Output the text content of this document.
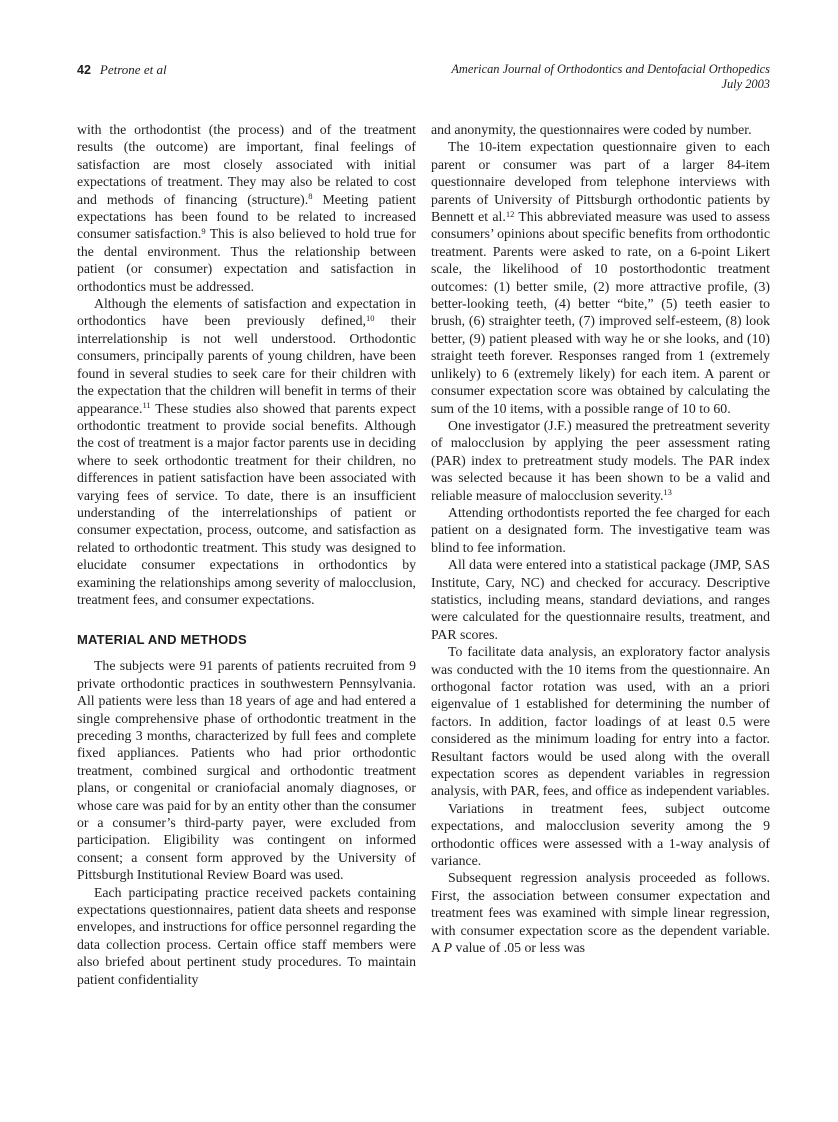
42 Petrone et al	American Journal of Orthodontics and Dentofacial Orthopedics
July 2003

with the orthodontist (the process) and of the treatment results (the outcome) are important, final feelings of satisfaction are most closely associated with initial expectations of treatment. They may also be related to cost and methods of financing (structure).$^8$ Meeting patient expectations has been found to be related to increased consumer satisfaction.$^9$ This is also believed to hold true for the dental environment. Thus the relationship between patient (or consumer) expectation and satisfaction in orthodontics must be addressed.

Although the elements of satisfaction and expectation in orthodontics have been previously defined,$^{10}$ their interrelationship is not well understood. Orthodontic consumers, principally parents of young children, have been found in several studies to seek care for their children with the expectation that the children will benefit in terms of their appearance.$^{11}$ These studies also showed that parents expect orthodontic treatment to provide social benefits. Although the cost of treatment is a major factor parents use in deciding where to seek orthodontic treatment for their children, no differences in patient satisfaction have been associated with varying fees of service. To date, there is an insufficient understanding of the interrelationships of patient or consumer expectation, process, outcome, and satisfaction as related to orthodontic treatment. This study was designed to elucidate consumer expectations in orthodontics by examining the relationships among severity of malocclusion, treatment fees, and consumer expectations.

MATERIAL AND METHODS

The subjects were 91 parents of patients recruited from 9 private orthodontic practices in southwestern Pennsylvania. All patients were less than 18 years of age and had entered a single comprehensive phase of orthodontic treatment in the preceding 3 months, characterized by full fees and complete fixed appliances. Patients who had prior orthodontic treatment, combined surgical and orthodontic treatment plans, or congenital or craniofacial anomaly diagnoses, or whose care was paid for by an entity other than the consumer or a consumer’s third-party payer, were excluded from participation. Eligibility was contingent on informed consent; a consent form approved by the University of Pittsburgh Institutional Review Board was used.

Each participating practice received packets containing expectations questionnaires, patient data sheets and response envelopes, and instructions for office personnel regarding the data collection process. Certain office staff members were also briefed about pertinent study procedures. To maintain patient confidentiality

and anonymity, the questionnaires were coded by number.

The 10-item expectation questionnaire given to each parent or consumer was part of a larger 84-item questionnaire developed from telephone interviews with parents of University of Pittsburgh orthodontic patients by Bennett et al.$^{12}$ This abbreviated measure was used to assess consumers’ opinions about specific benefits from orthodontic treatment. Parents were asked to rate, on a 6-point Likert scale, the likelihood of 10 postorthodontic treatment outcomes: (1) better smile, (2) more attractive profile, (3) better-looking teeth, (4) better “bite,” (5) teeth easier to brush, (6) straighter teeth, (7) improved self-esteem, (8) look better, (9) patient pleased with way he or she looks, and (10) straight teeth forever. Responses ranged from 1 (extremely unlikely) to 6 (extremely likely) for each item. A parent or consumer expectation score was obtained by calculating the sum of the 10 items, with a possible range of 10 to 60.

One investigator (J.F.) measured the pretreatment severity of malocclusion by applying the peer assessment rating (PAR) index to pretreatment study models. The PAR index was selected because it has been shown to be a valid and reliable measure of malocclusion severity.$^{13}$

Attending orthodontists reported the fee charged for each patient on a designated form. The investigative team was blind to fee information.

All data were entered into a statistical package (JMP, SAS Institute, Cary, NC) and checked for accuracy. Descriptive statistics, including means, standard deviations, and ranges were calculated for the questionnaire results, treatment, and PAR scores.

To facilitate data analysis, an exploratory factor analysis was conducted with the 10 items from the questionnaire. An orthogonal factor rotation was used, with an a priori eigenvalue of 1 established for determining the number of factors. In addition, factor loadings of at least 0.5 were considered as the minimum loading for entry into a factor. Resultant factors would be used along with the overall expectation scores as dependent variables in regression analysis, with PAR, fees, and office as independent variables.

Variations in treatment fees, subject outcome expectations, and malocclusion severity among the 9 orthodontic offices were assessed with a 1-way analysis of variance.

Subsequent regression analysis proceeded as follows. First, the association between consumer expectation and treatment fees was examined with simple linear regression, with consumer expectation score as the dependent variable. A P value of .05 or less was
